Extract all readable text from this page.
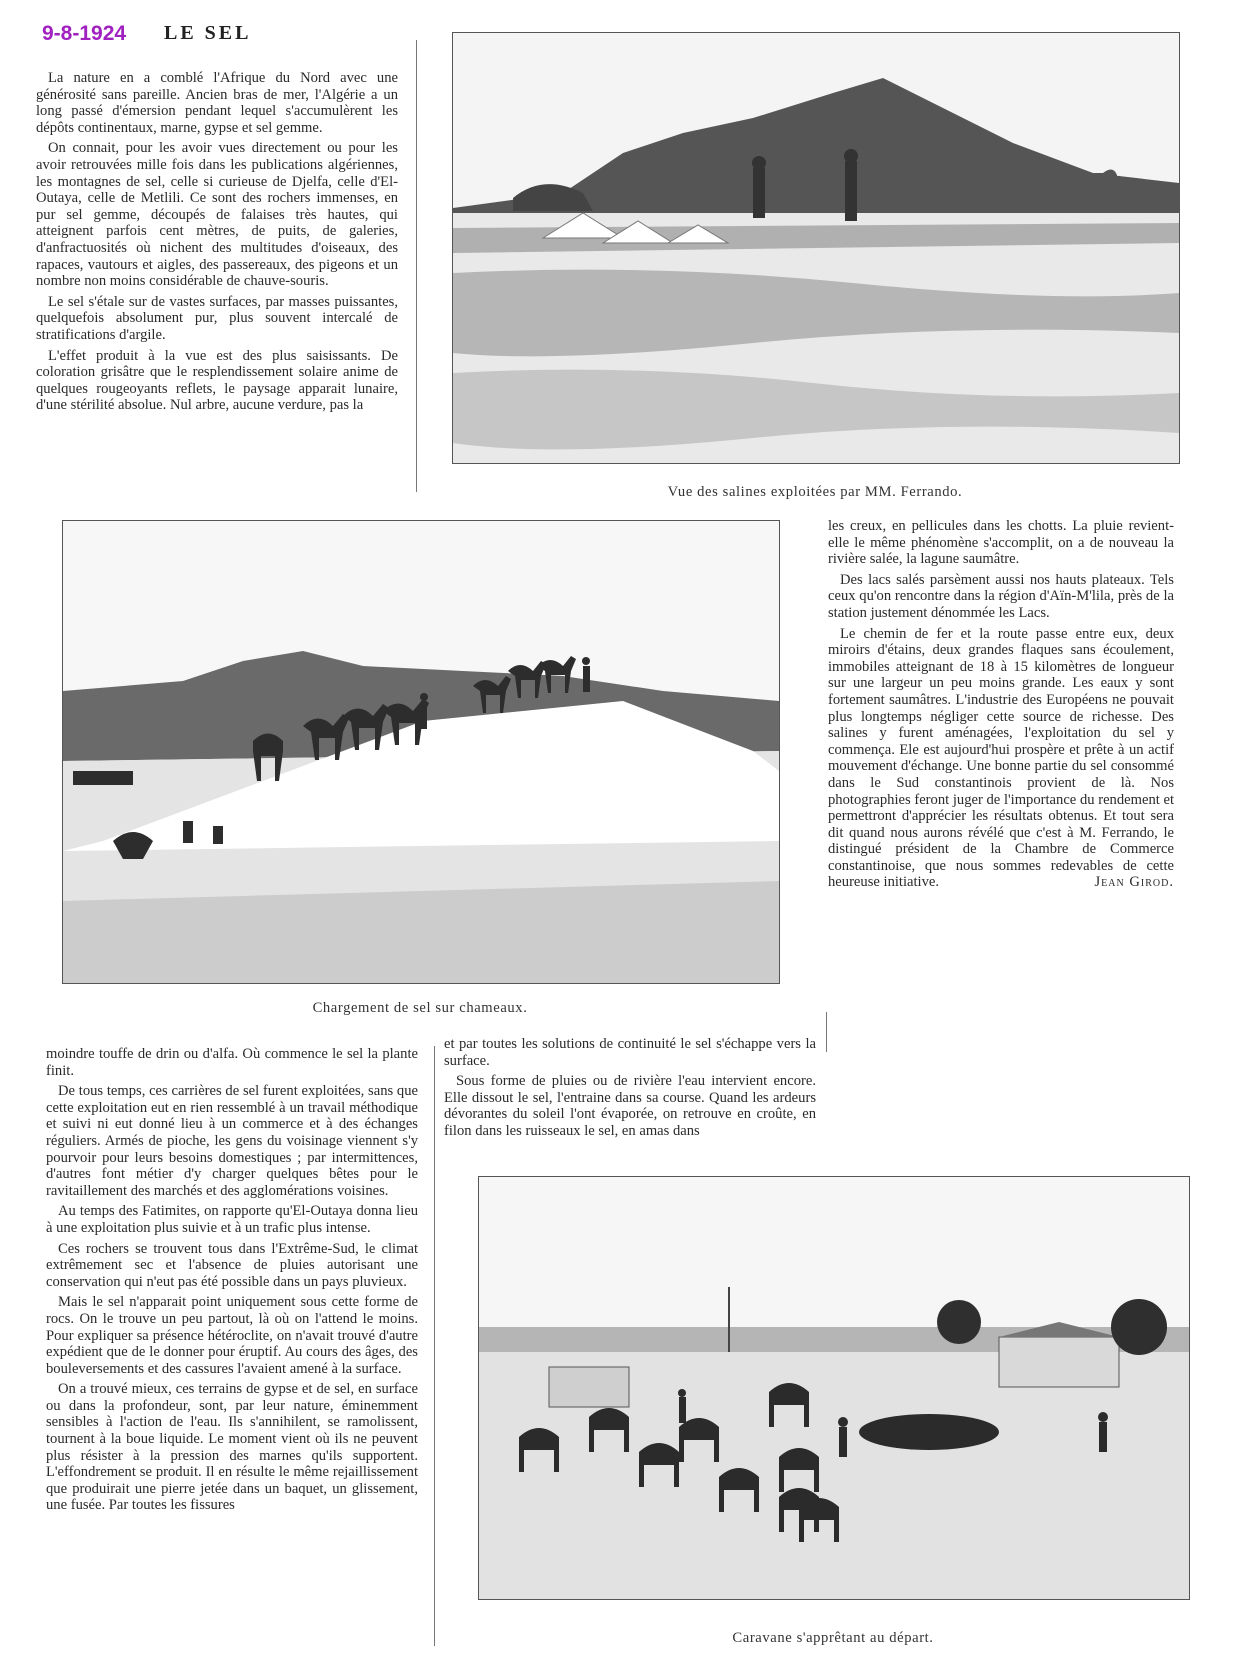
9-8-1924 LE SEL

La nature en a comblé l'Afrique du Nord avec une générosité sans pareille. Ancien bras de mer, l'Algérie a un long passé d'émersion pendant lequel s'accumulèrent les dépôts continentaux, marne, gypse et sel gemme.

On connait, pour les avoir vues directement ou pour les avoir retrouvées mille fois dans les publications algériennes, les montagnes de sel, celle si curieuse de Djelfa, celle d'El-Outaya, celle de Metlili. Ce sont des rochers immenses, en pur sel gemme, découpés de falaises très hautes, qui atteignent parfois cent mètres, de puits, de galeries, d'anfractuosités où nichent des multitudes d'oiseaux, des rapaces, vautours et aigles, des passereaux, des pigeons et un nombre non moins considérable de chauve-souris.

Le sel s'étale sur de vastes surfaces, par masses puissantes, quelquefois absolument pur, plus souvent intercalé de stratifications d'argile.

L'effet produit à la vue est des plus saisissants. De coloration grisâtre que le resplendissement solaire anime de quelques rougeoyants reflets, le paysage apparait lunaire, d'une stérilité absolue. Nul arbre, aucune verdure, pas la

Vue des salines exploitées par MM. Ferrando.
Chargement de sel sur chameaux.

les creux, en pellicules dans les chotts. La pluie revient-elle le même phénomène s'accomplit, on a de nouveau la rivière salée, la lagune saumâtre.

Des lacs salés parsèment aussi nos hauts plateaux. Tels ceux qu'on rencontre dans la région d'Aïn-M'lila, près de la station justement dénommée les Lacs.

Le chemin de fer et la route passe entre eux, deux miroirs d'étains, deux grandes flaques sans écoulement, immobiles atteignant de 18 à 15 kilomètres de longueur sur une largeur un peu moins grande. Les eaux y sont fortement saumâtres. L'industrie des Européens ne pouvait plus longtemps négliger cette source de richesse. Des salines y furent aménagées, l'exploitation du sel y commença. Ele est aujourd'hui prospère et prête à un actif mouvement d'échange. Une bonne partie du sel consommé dans le Sud constantinois provient de là. Nos photographies feront juger de l'importance du rendement et permettront d'apprécier les résultats obtenus. Et tout sera dit quand nous aurons révélé que c'est à M. Ferrando, le distingué président de la Chambre de Commerce constantinoise, que nous sommes redevables de cette heureuse initiative.	Jean Girod.

moindre touffe de drin ou d'alfa. Où commence le sel la plante finit.

De tous temps, ces carrières de sel furent exploitées, sans que cette exploitation eut en rien ressemblé à un travail méthodique et suivi ni eut donné lieu à un commerce et à des échanges réguliers. Armés de pioche, les gens du voisinage viennent s'y pourvoir pour leurs besoins domestiques ; par intermittences, d'autres font métier d'y charger quelques bêtes pour le ravitaillement des marchés et des agglomérations voisines.

Au temps des Fatimites, on rapporte qu'El-Outaya donna lieu à une exploitation plus suivie et à un trafic plus intense.

Ces rochers se trouvent tous dans l'Extrême-Sud, le climat extrêmement sec et l'absence de pluies autorisant une conservation qui n'eut pas été possible dans un pays pluvieux.

Mais le sel n'apparait point uniquement sous cette forme de rocs. On le trouve un peu partout, là où on l'attend le moins. Pour expliquer sa présence hétéroclite, on n'avait trouvé d'autre expédient que de le donner pour éruptif. Au cours des âges, des bouleversements et des cassures l'avaient amené à la surface.

On a trouvé mieux, ces terrains de gypse et de sel, en surface ou dans la profondeur, sont, par leur nature, éminemment sensibles à l'action de l'eau. Ils s'annihilent, se ramolissent, tournent à la boue liquide. Le moment vient où ils ne peuvent plus résister à la pression des marnes qu'ils supportent. L'effondrement se produit. Il en résulte le même rejaillissement que produirait une pierre jetée dans un baquet, un glissement, une fusée. Par toutes les fissures

et par toutes les solutions de continuité le sel s'échappe vers la surface.

Sous forme de pluies ou de rivière l'eau intervient encore. Elle dissout le sel, l'entraine dans sa course. Quand les ardeurs dévorantes du soleil l'ont évaporée, on retrouve en croûte, en filon dans les ruisseaux le sel, en amas dans

Caravane s'apprêtant au départ.
